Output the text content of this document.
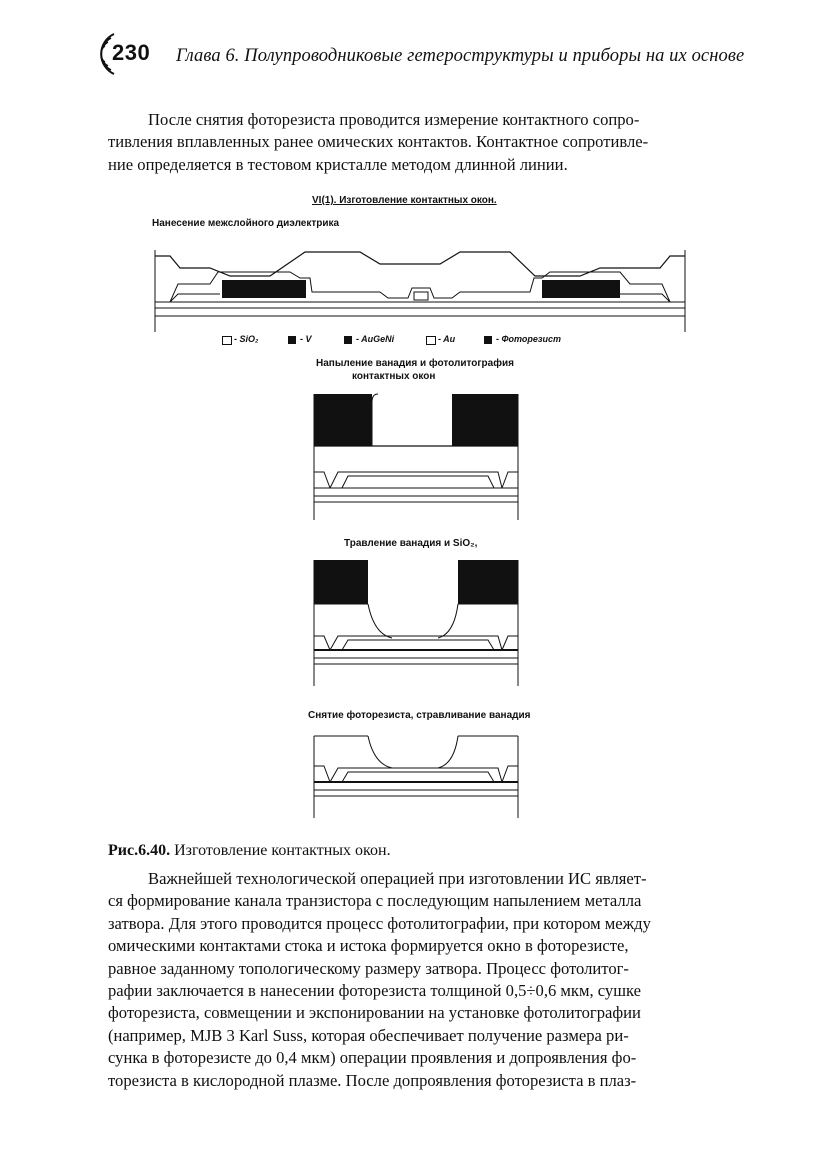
230 Глава 6. Полупроводниковые гетероструктуры и приборы на их основе
После снятия фоторезиста проводится измерение контактного сопро-
тивления вплавленных ранее омических контактов. Контактное сопротивле-
ние определяется в тестовом кристалле методом длинной линии.
VI(1). Изготовление контактных окон.
Нанесение межслойного диэлектрика
- SiO₂	- V	- AuGeNi	- Au	- Фоторезист
Напыление ванадия и фотолитография
контактных окон
Травление ванадия и SiO₂,
Снятие фоторезиста, стравливание ванадия
Рис.6.40. Изготовление контактных окон.
Важнейшей технологической операцией при изготовлении ИС являет-
ся формирование канала транзистора с последующим напылением металла
затвора. Для этого проводится процесс фотолитографии, при котором между
омическими контактами стока и истока формируется окно в фоторезисте,
равное заданному топологическому размеру затвора. Процесс фотолитог-
рафии заключается в нанесении фоторезиста толщиной 0,5÷0,6 мкм, сушке
фоторезиста, совмещении и экспонировании на установке фотолитографии
(например, MJB 3 Karl Suss, которая обеспечивает получение размера ри-
сунка в фоторезисте до 0,4 мкм) операции проявления и допроявления фо-
торезиста в кислородной плазме. После допроявления фоторезиста в плаз-
